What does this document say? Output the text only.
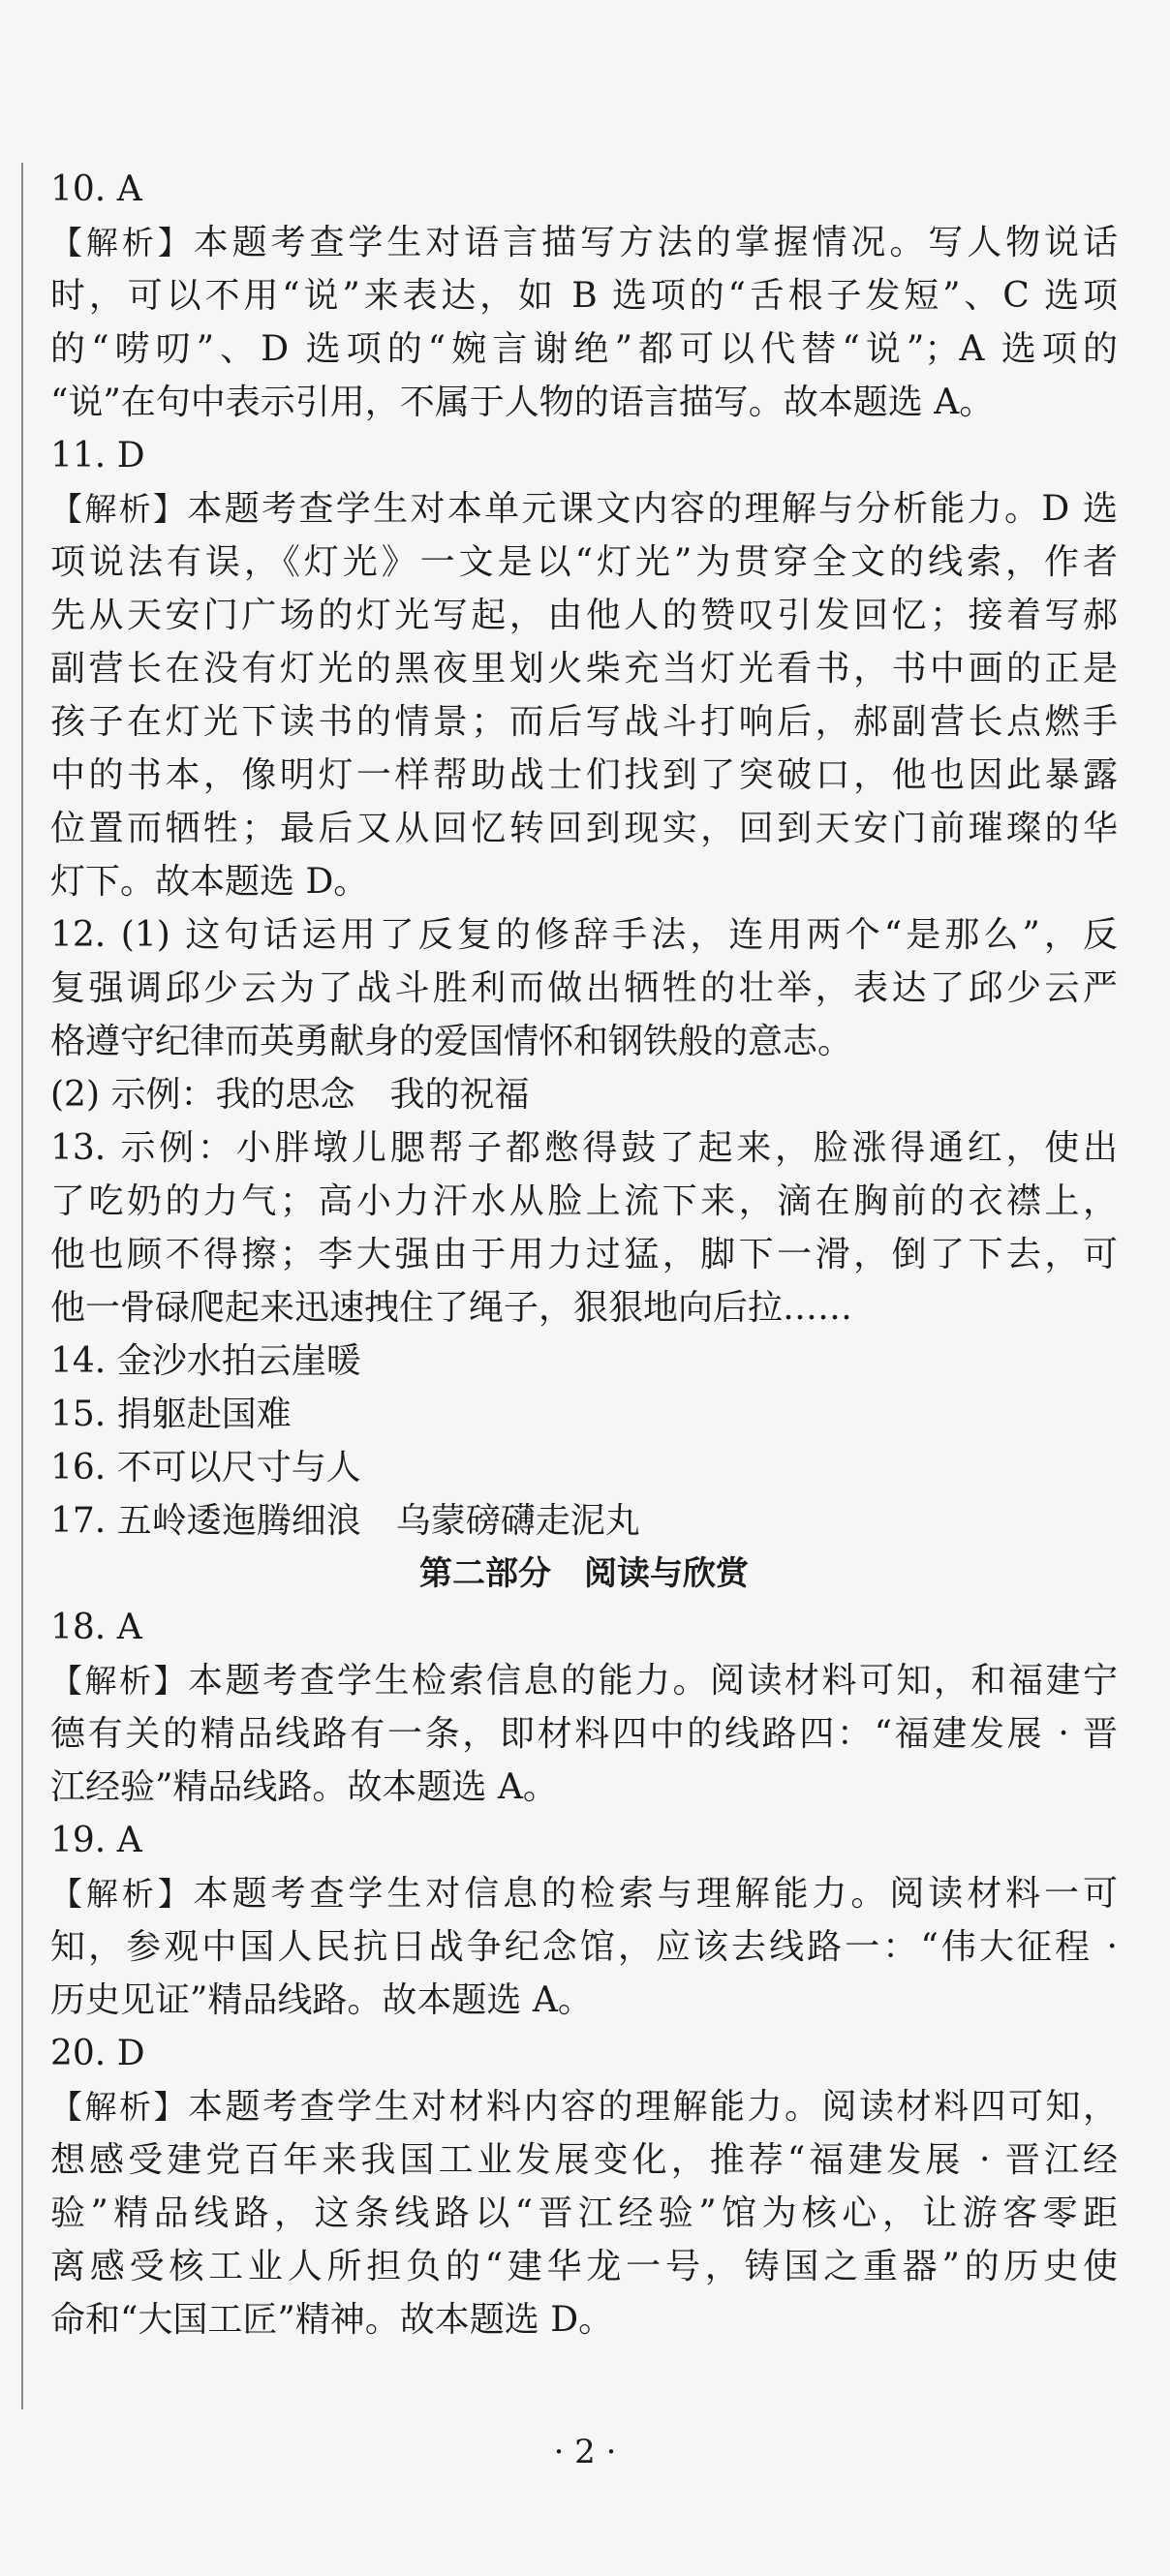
10. A
【解析】本题考查学生对语言描写方法的掌握情况。写人物说话
时，可以不用“说”来表达，如 B 选项的“舌根子发短”、C 选项
的“唠叨”、D 选项的“婉言谢绝”都可以代替“说”；A 选项的
“说”在句中表示引用，不属于人物的语言描写。故本题选 A。
11. D
【解析】本题考查学生对本单元课文内容的理解与分析能力。D 选
项说法有误，《灯光》一文是以“灯光”为贯穿全文的线索，作者
先从天安门广场的灯光写起，由他人的赞叹引发回忆；接着写郝
副营长在没有灯光的黑夜里划火柴充当灯光看书，书中画的正是
孩子在灯光下读书的情景；而后写战斗打响后，郝副营长点燃手
中的书本，像明灯一样帮助战士们找到了突破口，他也因此暴露
位置而牺牲；最后又从回忆转回到现实，回到天安门前璀璨的华
灯下。故本题选 D。
12. (1) 这句话运用了反复的修辞手法，连用两个“是那么”，反
复强调邱少云为了战斗胜利而做出牺牲的壮举，表达了邱少云严
格遵守纪律而英勇献身的爱国情怀和钢铁般的意志。
(2) 示例：我的思念　我的祝福
13. 示例：小胖墩儿腮帮子都憋得鼓了起来，脸涨得通红，使出
了吃奶的力气；高小力汗水从脸上流下来，滴在胸前的衣襟上，
他也顾不得擦；李大强由于用力过猛，脚下一滑，倒了下去，可
他一骨碌爬起来迅速拽住了绳子，狠狠地向后拉……
14. 金沙水拍云崖暖
15. 捐躯赴国难
16. 不可以尺寸与人
17. 五岭逶迤腾细浪　乌蒙磅礴走泥丸
第二部分　阅读与欣赏
18. A
【解析】本题考查学生检索信息的能力。阅读材料可知，和福建宁
德有关的精品线路有一条，即材料四中的线路四：“福建发展 · 晋
江经验”精品线路。故本题选 A。
19. A
【解析】本题考查学生对信息的检索与理解能力。阅读材料一可
知，参观中国人民抗日战争纪念馆，应该去线路一：“伟大征程 ·
历史见证”精品线路。故本题选 A。
20. D
【解析】本题考查学生对材料内容的理解能力。阅读材料四可知，
想感受建党百年来我国工业发展变化，推荐“福建发展 · 晋江经
验”精品线路，这条线路以“晋江经验”馆为核心，让游客零距
离感受核工业人所担负的“建华龙一号，铸国之重器”的历史使
命和“大国工匠”精神。故本题选 D。
· 2 ·
